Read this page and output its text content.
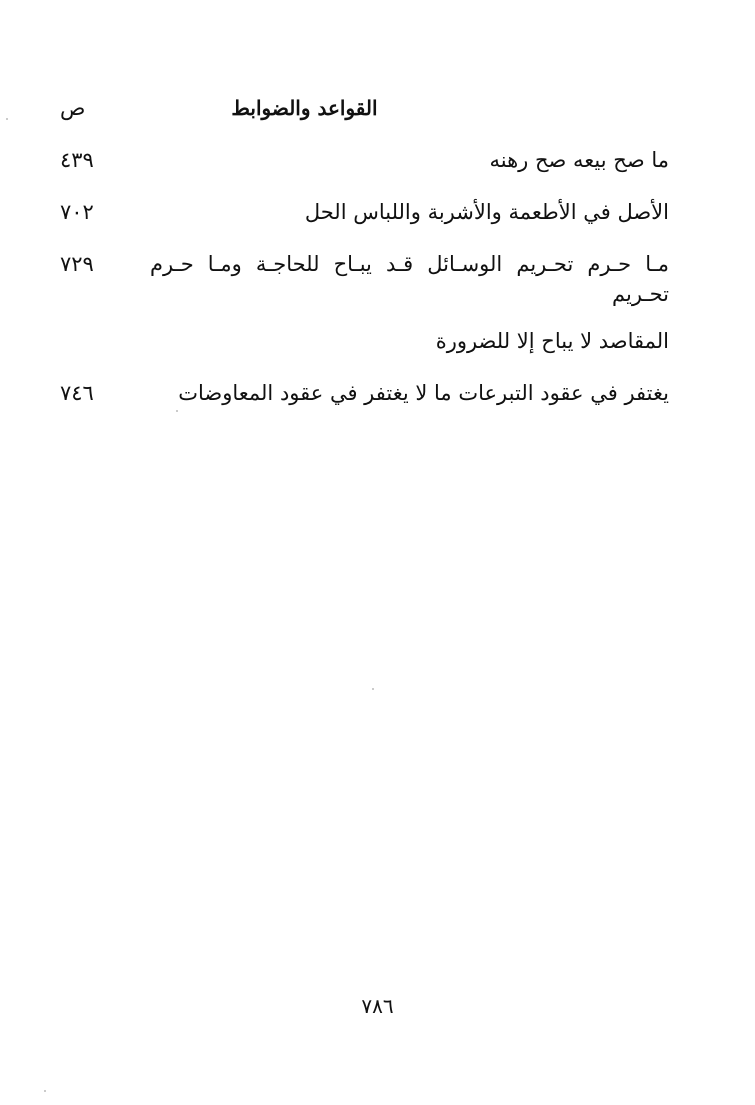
القواعد والضوابط
ص
ما صح بيعه صح رهنه
٤٣٩
الأصل في الأطعمة والأشربة واللباس الحل
٧٠٢
مـا حـرم تحـريم الوسـائل قـد يبـاح للحاجـة ومـا حـرم تحـريم
المقاصد لا يباح إلا للضرورة
٧٢٩
يغتفر في عقود التبرعات ما لا يغتفر في عقود المعاوضات
٧٤٦
٧٨٦
